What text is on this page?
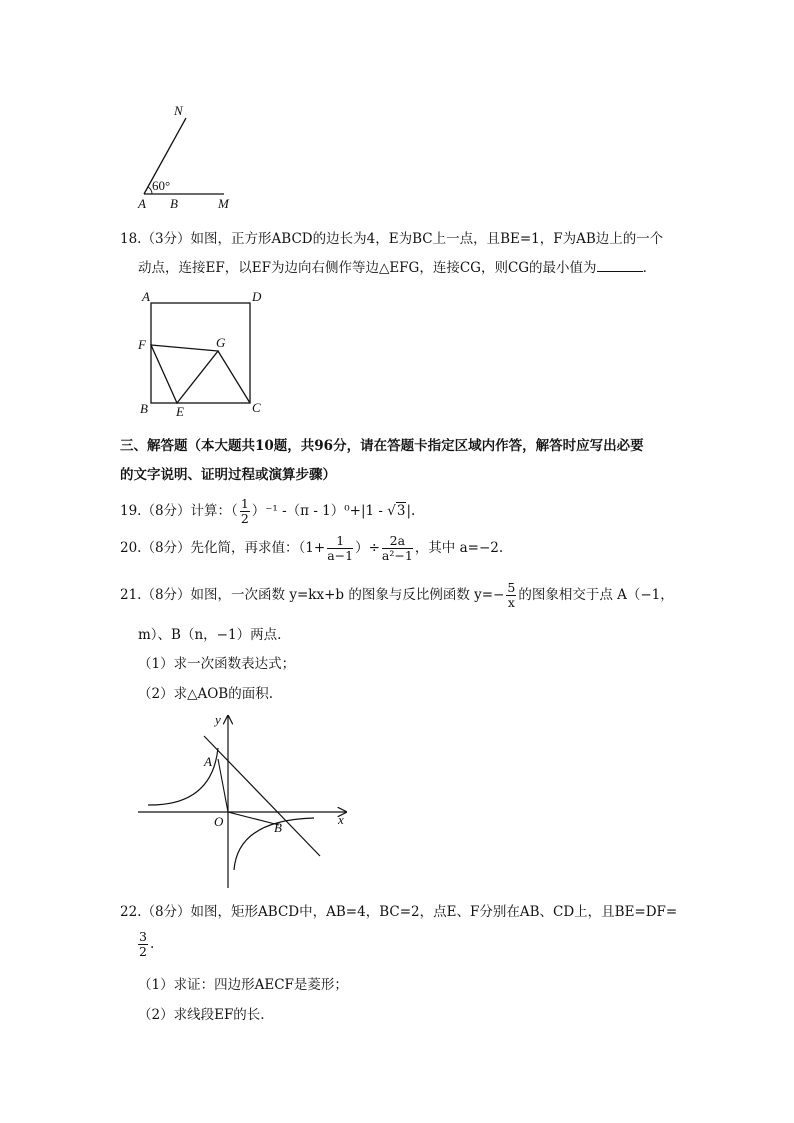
N
60°
A B	M
18.（3分）如图，正方形ABCD的边长为4，E为BC上一点，且BE=1，F为AB边上的一个
动点，连接EF，以EF为边向右侧作等边△EFG，连接CG，则CG的最小值为	．
A	D
F	G
B E	C
三、解答题（本大题共10题，共96分，请在答题卡指定区域内作答，解答时应写出必要
的文字说明、证明过程或演算步骤）
19.（8分）计算：（ $\frac{1}{2} )^{-1}$ -（π - 1）⁰+|1 - √3|.
20.（8分）先化简，再求值：（$1+ \frac{1}{a-1}$ ）÷ $\frac{2a}{\text{a²−1}}$ ，其中 a=−2.
21.（8分）如图，一次函数 y=kx+b 的图象与反比例函数 $y=- \frac{5}{x}$ 的图象相交于点 A（−1，
m）、B（n，−1）两点.
（1）求一次函数表达式；
（2）求△AOB的面积.
y
x
A
O	B
22.（8分）如图，矩形ABCD中，AB=4，BC=2，点E、F分别在AB、CD上，且BE=DF=
$\frac{3}{2}$ .
（1）求证：四边形AECF是菱形；
（2）求线段EF的长.
